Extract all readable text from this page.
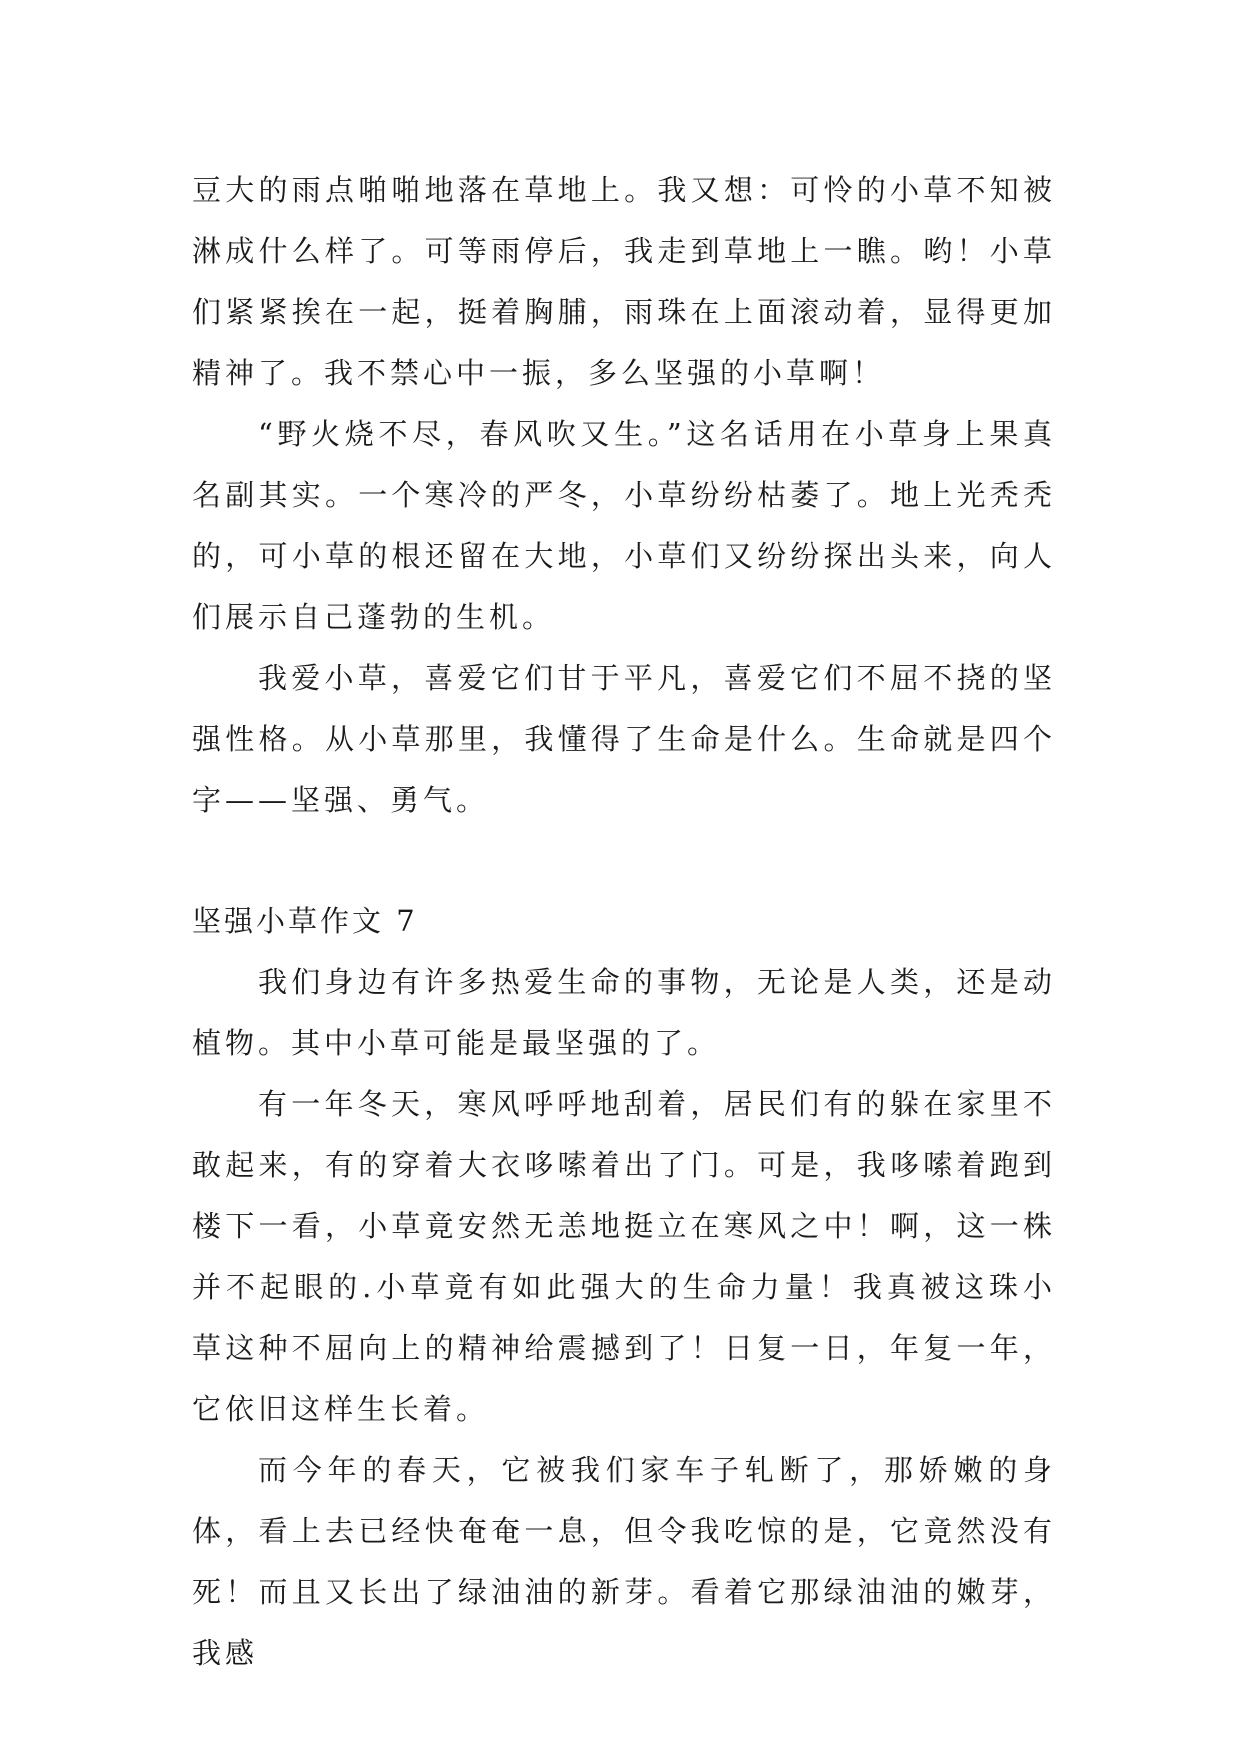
豆大的雨点啪啪地落在草地上。我又想：可怜的小草不知被淋成什么样了。可等雨停后，我走到草地上一瞧。哟！小草们紧紧挨在一起，挺着胸脯，雨珠在上面滚动着，显得更加精神了。我不禁心中一振，多么坚强的小草啊！

“野火烧不尽，春风吹又生。”这名话用在小草身上果真名副其实。一个寒冷的严冬，小草纷纷枯萎了。地上光秃秃的，可小草的根还留在大地，小草们又纷纷探出头来，向人们展示自己蓬勃的生机。

我爱小草，喜爱它们甘于平凡，喜爱它们不屈不挠的坚强性格。从小草那里，我懂得了生命是什么。生命就是四个字——坚强、勇气。

坚强小草作文 7

我们身边有许多热爱生命的事物，无论是人类，还是动植物。其中小草可能是最坚强的了。

有一年冬天，寒风呼呼地刮着，居民们有的躲在家里不敢起来，有的穿着大衣哆嗦着出了门。可是，我哆嗦着跑到楼下一看，小草竟安然无恙地挺立在寒风之中！啊，这一株并不起眼的.小草竟有如此强大的生命力量！我真被这珠小草这种不屈向上的精神给震撼到了！日复一日，年复一年，它依旧这样生长着。

而今年的春天，它被我们家车子轧断了，那娇嫩的身体，看上去已经快奄奄一息，但令我吃惊的是，它竟然没有死！而且又长出了绿油油的新芽。看着它那绿油油的嫩芽，我感
